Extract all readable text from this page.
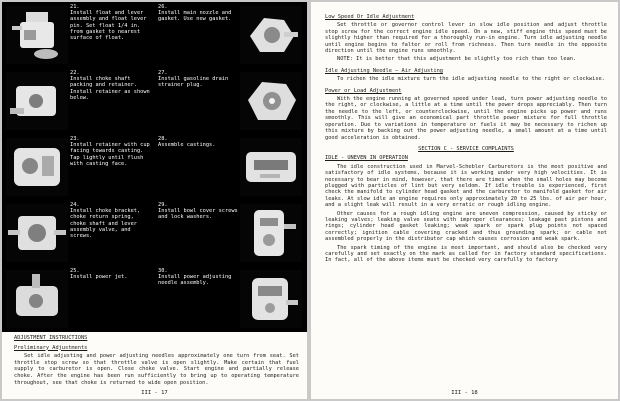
21.
Install float and lever assembly and float lever pin. Set float 1/4 in. from gasket to nearest surface of float.
26.
Install main nozzle and gasket. Use new gasket.
22.
Install choke shaft packing and retainer. Install retainer as shown below.
27.
Install gasoline drain strainer plug.
23.
Install retainer with cup facing towards casting. Tap lightly until flush with casting face.
28.
Assemble castings.
24.
Install choke bracket, choke return spring, choke shaft and lever assembly valve, and screws.
29.
Install bowl cover screws and lock washers.
25.
Install power jet.
30.
Install power adjusting needle assembly.
ADJUSTMENT INSTRUCTIONS
Preliminary Adjustments

Set idle adjusting and power adjusting needles approximately one turn from seat. Set throttle stop screw so that throttle valve is open slightly. Make certain that fuel supply to carburetor is open. Close choke valve. Start engine and partially release choke. After the engine has been run sufficiently to bring up to operating temperature throughout, see that choke is returned to wide open position.

III - 17
Low Speed Or Idle Adjustment

Set throttle or governor control lever in slow idle position and adjust throttle stop screw for the correct engine idle speed. On a new, stiff engine this speed must be slightly higher than required for a thoroughly run-in engine. Turn idle adjusting needle until engine begins to falter or roll from richness. Then turn needle in the opposite direction until the engine runs smoothly.

NOTE: It is better that this adjustment be slightly too rich than too lean.

Idle Adjusting Needle — Air Adjusting

To richen the idle mixture turn the idle adjusting needle to the right or clockwise.

Power or Load Adjustment

With the engine running at governed speed under load, turn power adjusting needle to the right, or clockwise, a little at a time until the power drops appreciably. Then turn the needle to the left, or counterclockwise, until the engine picks up power and runs smoothly. This will give an economical part throttle power mixture for full throttle operation. Due to variations in temperature or fuels it may be necessary to richen up this mixture by backing out the power adjusting needle, a small amount at a time until good acceleration is obtained.

SECTION C - SERVICE COMPLAINTS
IDLE - UNEVEN IN OPERATION

The idle construction used in Marvel-Schebler Carburetors is the most positive and satisfactory of idle systems, because it is working under very high velocities. It is necessary to bear in mind, however, that there are times when the small holes may become plugged with particles of lint but very seldom. If idle trouble is experienced, first check the manifold to cylinder head gasket and the carburetor to manifold gasket for air leaks. At slow idle an engine requires only approximately 20 to 25 lbs. of air per hour, and a slight leak will result in a very erratic or rough idling engine.

Other causes for a rough idling engine are uneven compression, caused by sticky or leaking valves; leaking valve seats with improper clearances; leakage past pistons and rings; cylinder head gasket leaking; weak spark or spark plug points not spaced correctly; ignition cable covering cracked and thus grounding spark; or cable not assembled properly in the distributor cap which causes corrosion and weak spark.

The spark timing of the engine is most important, and should also be checked very carefully and set exactly on the mark as called for in factory standard specifications. In fact, all of the above items must be checked very carefully to factory

III - 18
